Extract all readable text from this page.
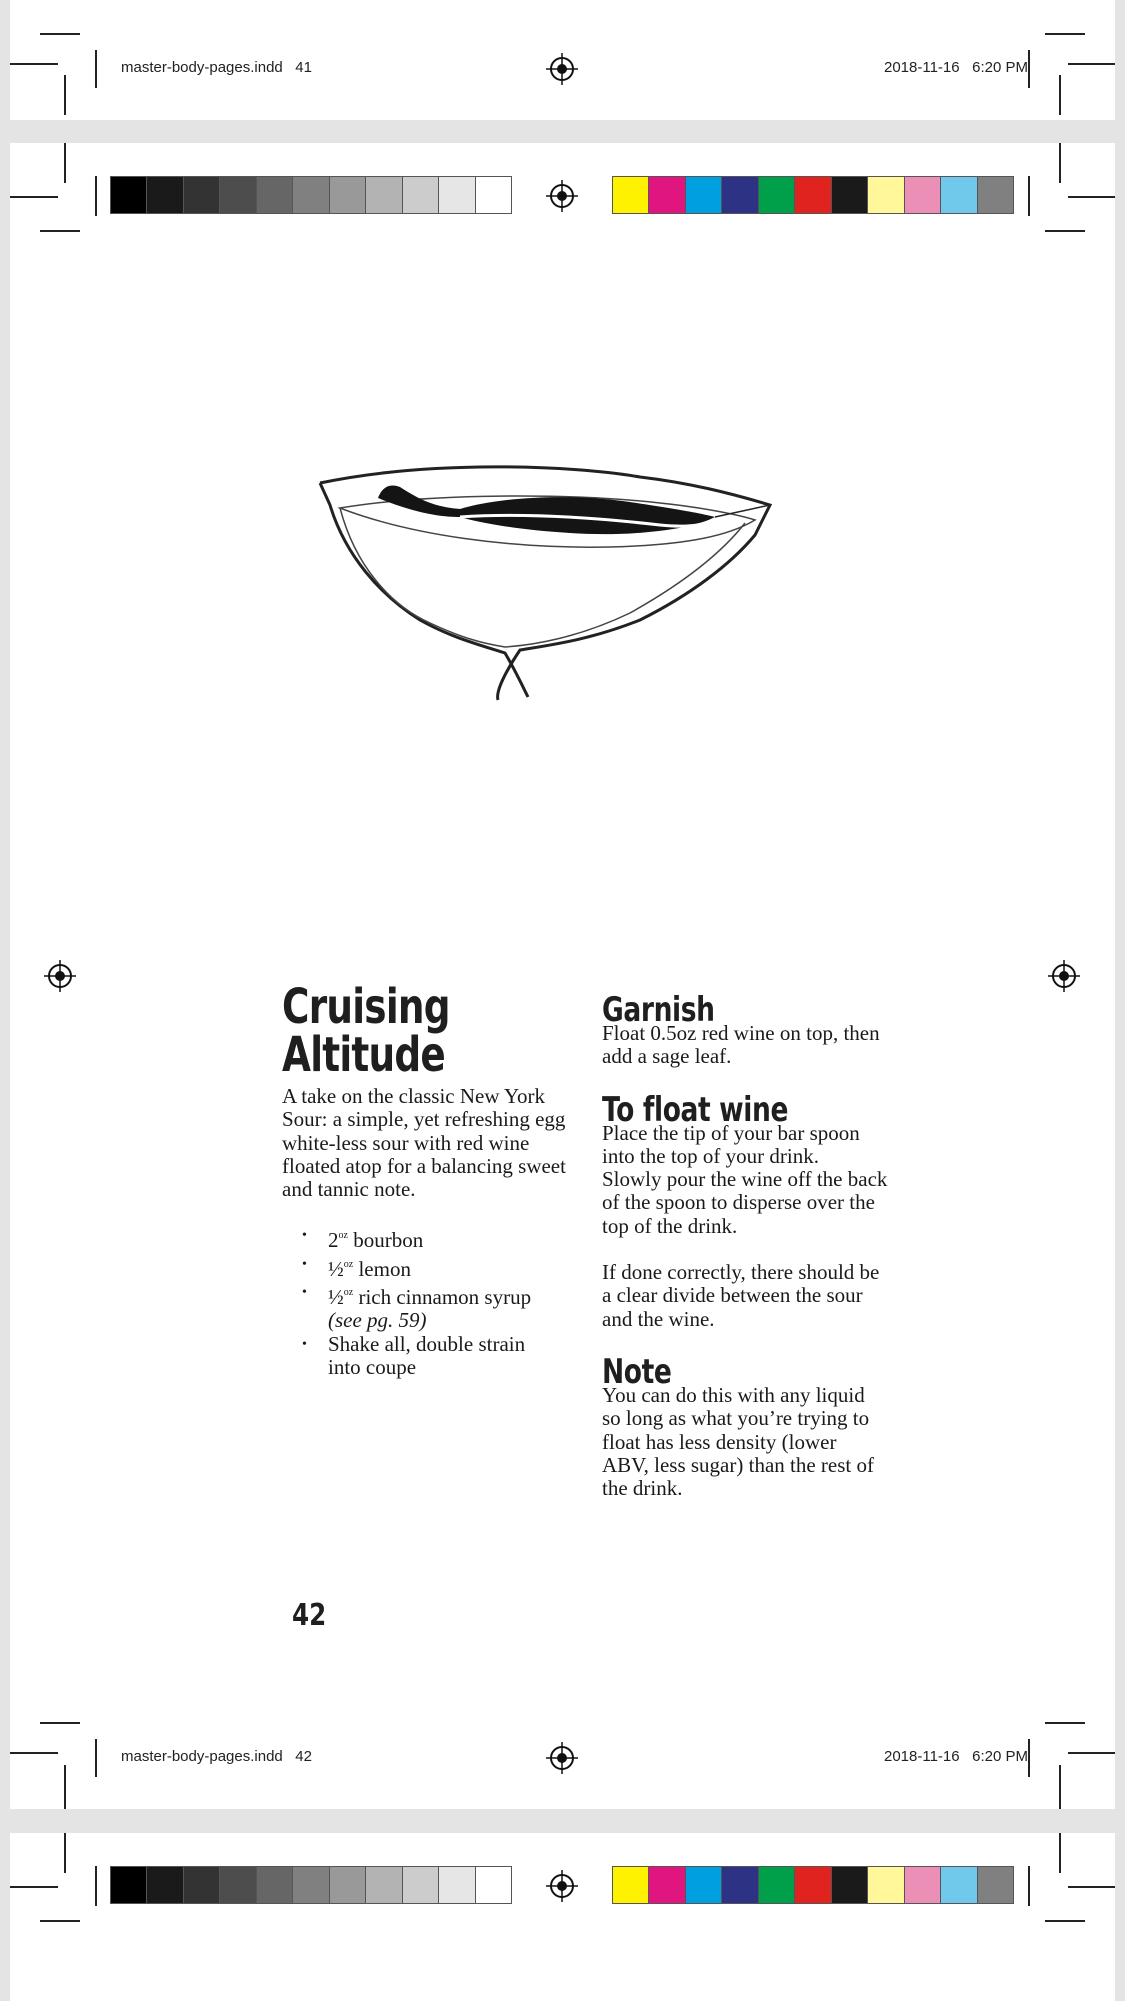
master-body-pages.indd 41	2018-11-16 6:20 PM
Cruising
Altitude
A take on the classic New York
Sour: a simple, yet refreshing egg
white-less sour with red wine
floated atop for a balancing sweet
and tannic note.
• $2^{oz}$ bourbon
• ½$^{oz}$ lemon
• ½$^{oz}$ rich cinnamon syrup
(see pg. 59)
• Shake all, double strain
into coupe
Garnish
Float 0.5oz red wine on top, then
add a sage leaf.
To float wine
Place the tip of your bar spoon
into the top of your drink.
Slowly pour the wine off the back
of the spoon to disperse over the
top of the drink.
If done correctly, there should be
a clear divide between the sour
and the wine.
Note
You can do this with any liquid
so long as what you’re trying to
float has less density (lower
ABV, less sugar) than the rest of
the drink.
42
master-body-pages.indd 42	2018-11-16 6:20 PM
